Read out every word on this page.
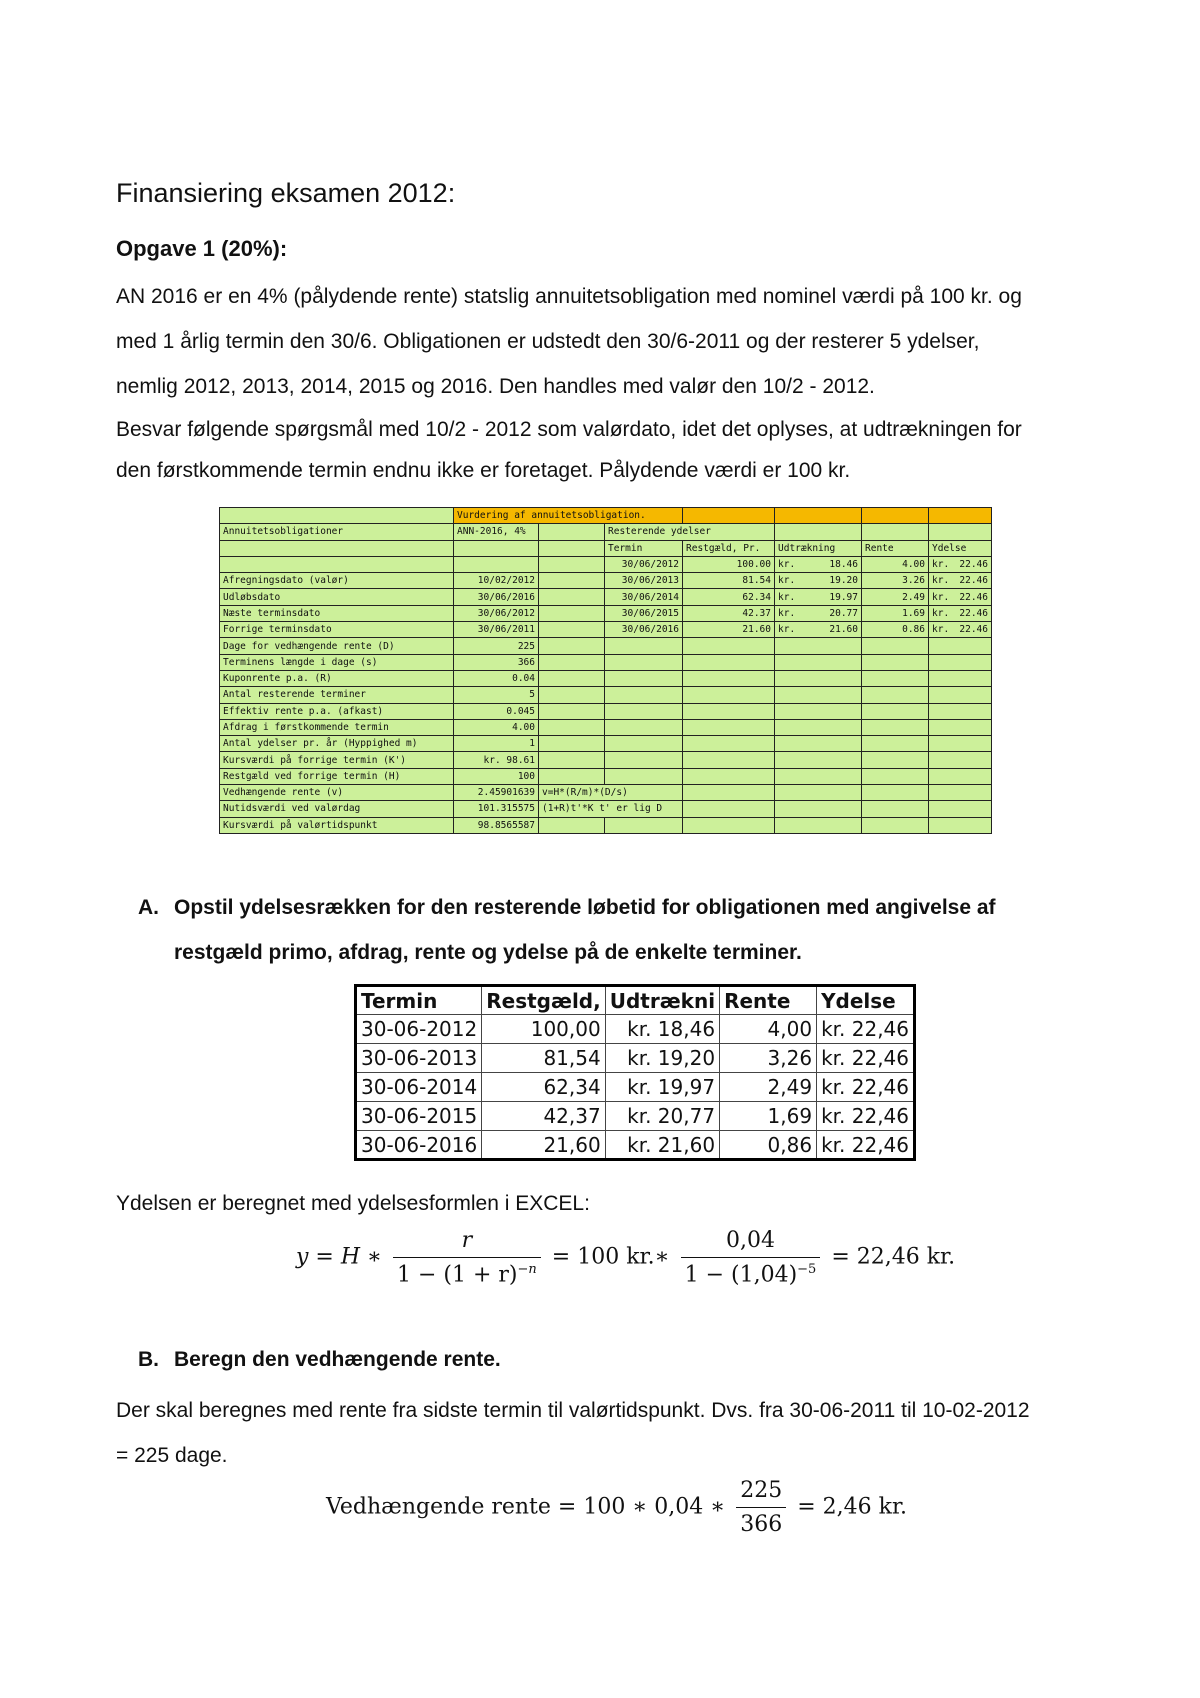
Finansiering eksamen 2012:
Opgave 1 (20%):

AN 2016 er en 4% (pålydende rente) statslig annuitetsobligation med nominel værdi på 100 kr. og

med 1 årlig termin den 30/6. Obligationen er udstedt den 30/6-2011 og der resterer 5 ydelser,

nemlig 2012, 2013, 2014, 2015 og 2016. Den handles med valør den 10/2 - 2012.

Besvar følgende spørgsmål med 10/2 - 2012 som valørdato, idet det oplyses, at udtrækningen for

den førstkommende termin endnu ikke er foretaget. Pålydende værdi er 100 kr.

	Vurdering af annuitetsobligation.						
Annuitetsobligationer	ANN-2016, 4%		Resterende ydelser				
			Termin	Restgæld, Pr.	Udtrækning	Rente	Ydelse
			30/06/2012	100.00	kr. 18.46	4.00	kr. 22.46

Afregningsdato (valør)	10/02/2012		30/06/2013	81.54	kr. 19.20	3.26	kr. 22.46

Udløbsdato	30/06/2016		30/06/2014	62.34	kr. 19.97	2.49	kr. 22.46

Næste terminsdato	30/06/2012		30/06/2015	42.37	kr. 20.77	1.69	kr. 22.46

Forrige terminsdato	30/06/2011		30/06/2016	21.60	kr. 21.60	0.86	kr. 22.46

Dage for vedhængende rente (D)	225						
Terminens længde i dage (s)	366						
Kuponrente p.a. (R)	0.04						
Antal resterende terminer	5						
Effektiv rente p.a. (afkast)	0.045						
Afdrag i førstkommende termin	4.00						
Antal ydelser pr. år (Hyppighed m)	1						
Kursværdi på forrige termin (K')	kr. 98.61						
Restgæld ved forrige termin (H)	100						
Vedhængende rente (v)	2.45901639	v=H*(R/m)*(D/s)					
Nutidsværdi ved valørdag	101.315575	(1+R)t'*K t' er lig D					
Kursværdi på valørtidspunkt	98.8565587						
A. Opstil ydelsesrækken for den resterende løbetid for obligationen med angivelse af
restgæld primo, afdrag, rente og ydelse på de enkelte terminer.
Termin	Restgæld,	Udtrækni	Rente	Ydelse
30-06-2012	100,00	kr. 18,46	4,00	kr. 22,46
30-06-2013	81,54	kr. 19,20	3,26	kr. 22,46
30-06-2014	62,34	kr. 19,97	2,49	kr. 22,46
30-06-2015	42,37	kr. 20,77	1,69	kr. 22,46
30-06-2016	21,60	kr. 21,60	0,86	kr. 22,46
Ydelsen er beregnet med ydelsesformlen i EXCEL:
y = H ∗ $\frac{r}{1 - (1 + r)^{-n}} = 100$ kr.∗ $\frac{0,04}{1 - (1,04)^{-5}} = 22,46$ kr.
B. Beregn den vedhængende rente.

Der skal beregnes med rente fra sidste termin til valørtidspunkt. Dvs. fra 30-06-2011 til 10-02-2012

= 225 dage.

Vedhængende rente = 100 ∗ 0,04 ∗ $\frac{225}{366} = 2,46$ kr.
